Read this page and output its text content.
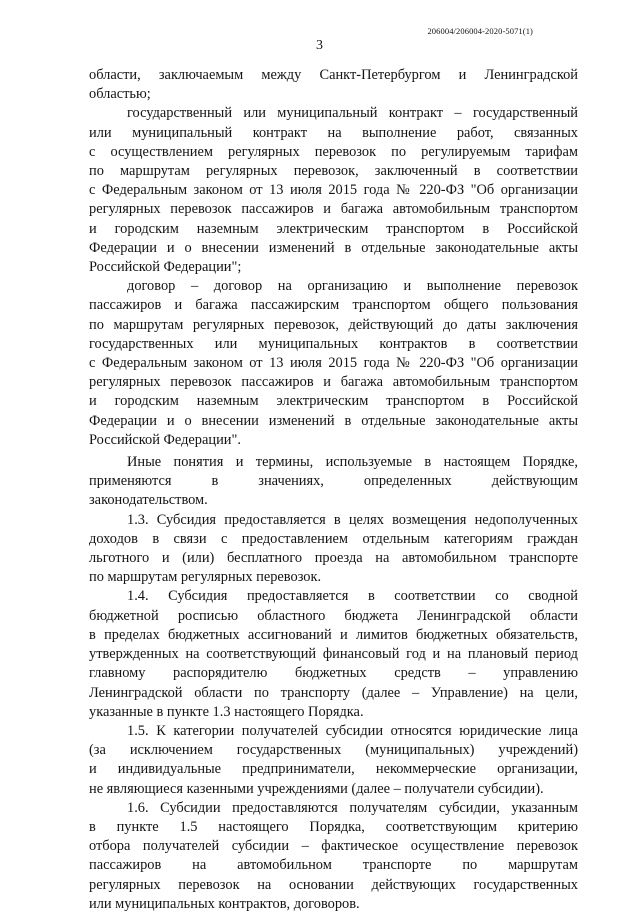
206004/206004-2020-5071(1)
3
области, заключаемым между Санкт-Петербургом и Ленинградской
областью;
государственный или муниципальный контракт – государственный
или муниципальный контракт на выполнение работ, связанных
с осуществлением регулярных перевозок по регулируемым тарифам
по маршрутам регулярных перевозок, заключенный в соответствии
с Федеральным законом от 13 июля 2015 года № 220-ФЗ "Об организации
регулярных перевозок пассажиров и багажа автомобильным транспортом
и городским наземным электрическим транспортом в Российской
Федерации и о внесении изменений в отдельные законодательные акты
Российской Федерации";
договор – договор на организацию и выполнение перевозок
пассажиров и багажа пассажирским транспортом общего пользования
по маршрутам регулярных перевозок, действующий до даты заключения
государственных или муниципальных контрактов в соответствии
с Федеральным законом от 13 июля 2015 года № 220-ФЗ "Об организации
регулярных перевозок пассажиров и багажа автомобильным транспортом
и городским наземным электрическим транспортом в Российской
Федерации и о внесении изменений в отдельные законодательные акты
Российской Федерации".
Иные понятия и термины, используемые в настоящем Порядке,
применяются в значениях, определенных действующим
законодательством.
1.3. Субсидия предоставляется в целях возмещения недополученных
доходов в связи с предоставлением отдельным категориям граждан
льготного и (или) бесплатного проезда на автомобильном транспорте
по маршрутам регулярных перевозок.
1.4. Субсидия предоставляется в соответствии со сводной
бюджетной росписью областного бюджета Ленинградской области
в пределах бюджетных ассигнований и лимитов бюджетных обязательств,
утвержденных на соответствующий финансовый год и на плановый период
главному распорядителю бюджетных средств – управлению
Ленинградской области по транспорту (далее – Управление) на цели,
указанные в пункте 1.3 настоящего Порядка.
1.5. К категории получателей субсидии относятся юридические лица
(за исключением государственных (муниципальных) учреждений)
и индивидуальные предприниматели, некоммерческие организации,
не являющиеся казенными учреждениями (далее – получатели субсидии).
1.6. Субсидии предоставляются получателям субсидии, указанным
в пункте 1.5 настоящего Порядка, соответствующим критерию
отбора получателей субсидии – фактическое осуществление перевозок
пассажиров на автомобильном транспорте по маршрутам
регулярных перевозок на основании действующих государственных
или муниципальных контрактов, договоров.
